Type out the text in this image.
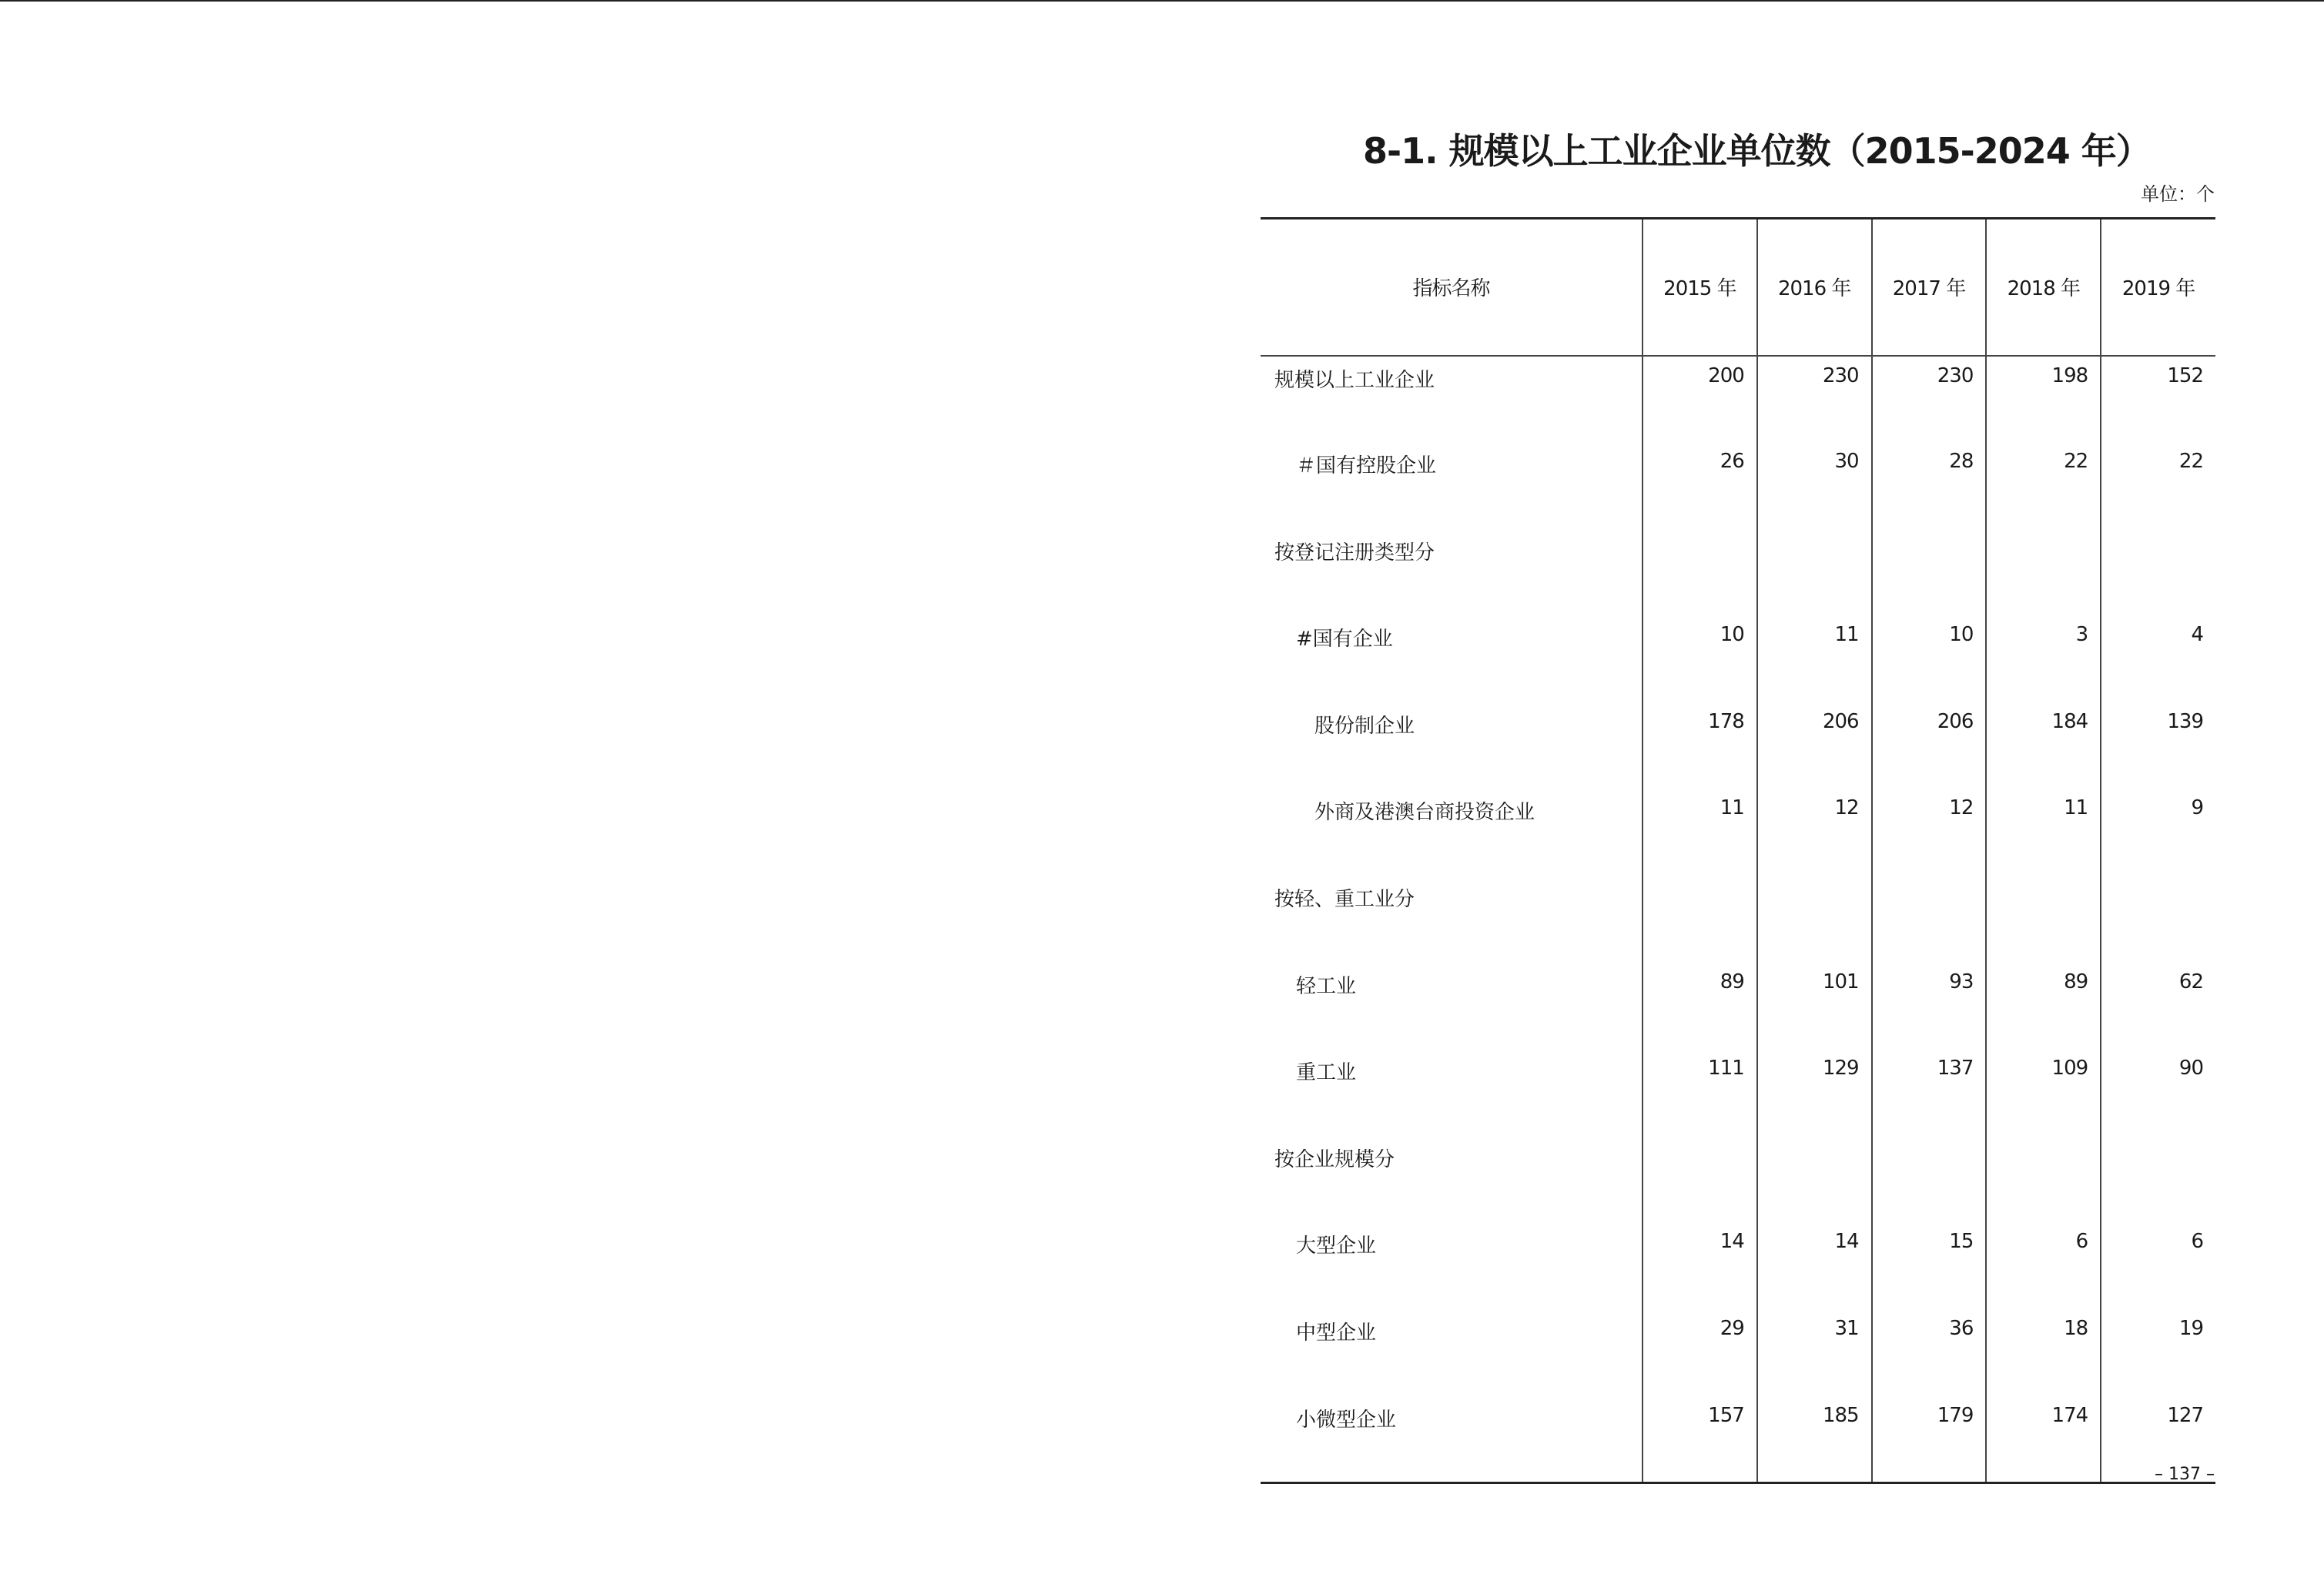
8-1. 规模以上工业企业单位数（2015-2024 年）
单位：个
指标名称	2015 年	2016 年	2017 年	2018 年	2019 年
规模以上工业企业	200	230	230	198	152
＃国有控股企业	26	30	28	22	22
按登记注册类型分					
#国有企业	10	11	10	3	4
股份制企业	178	206	206	184	139
外商及港澳台商投资企业	11	12	12	11	9
按轻、重工业分					
轻工业	89	101	93	89	62
重工业	111	129	137	109	90
按企业规模分					
大型企业	14	14	15	6	6
中型企业	29	31	36	18	19
小微型企业	157	185	179	174	127
– 137 –
